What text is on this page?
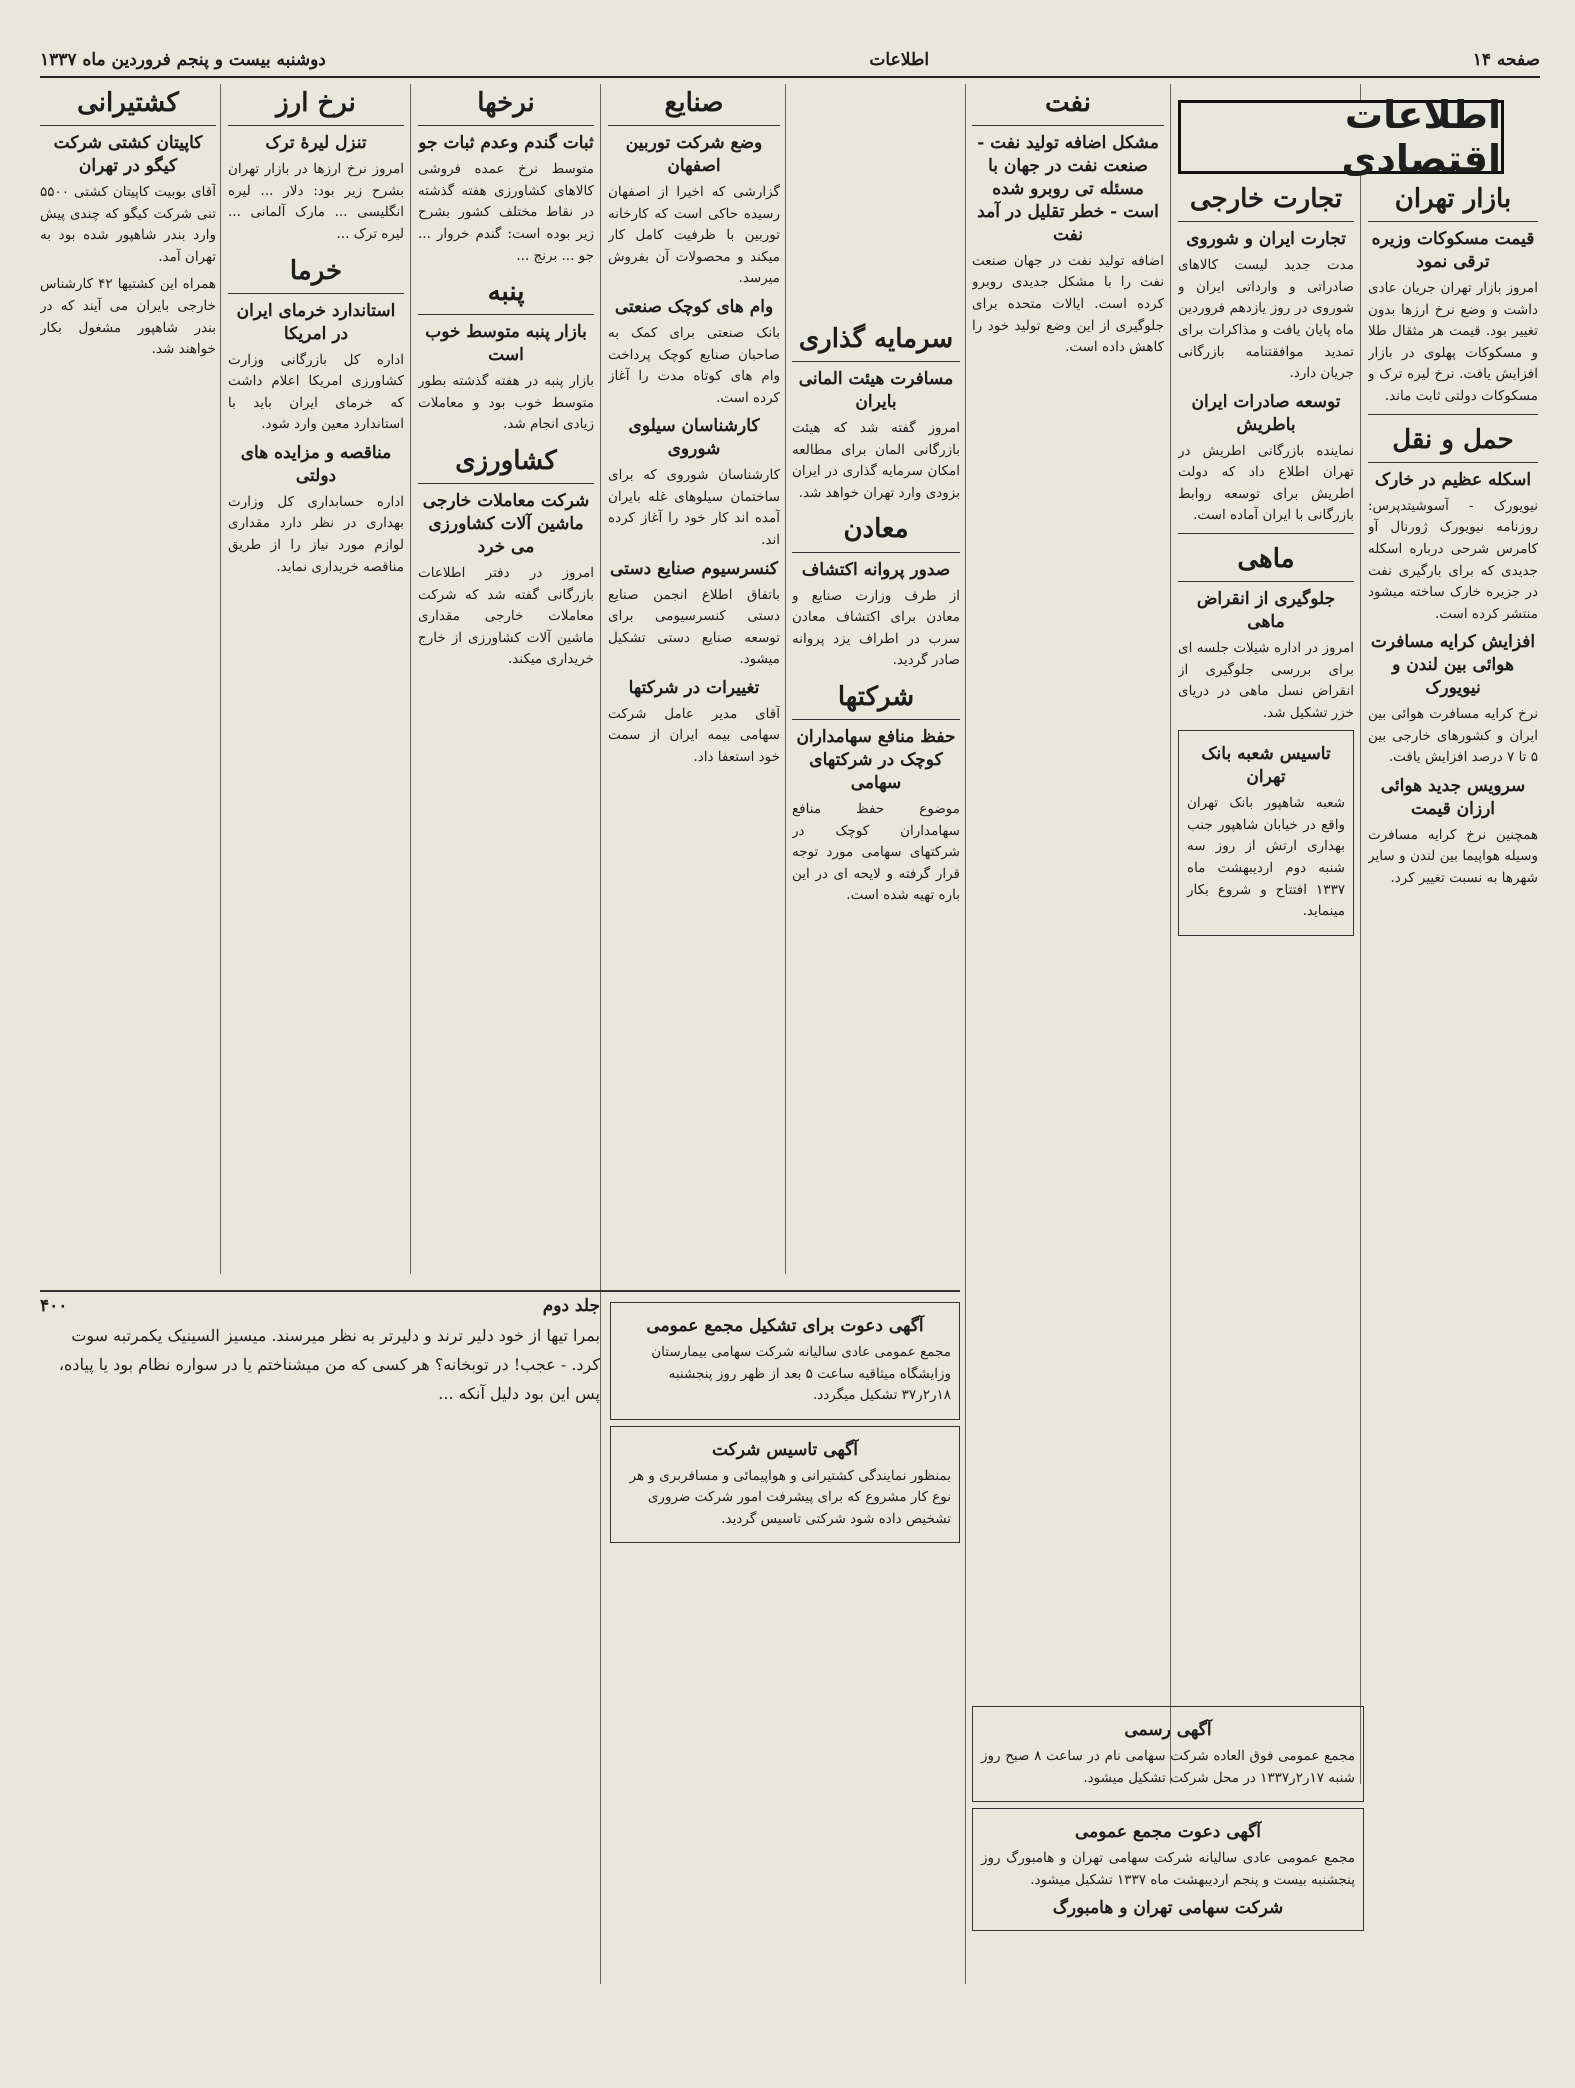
صفحه ۱۴
اطلاعات
دوشنبه بیست و پنجم فروردین ماه ۱۳۳۷
اطلاعات اقتصادی
بازار تهران
قیمت مسکوکات وزیره ترقی نمود

امروز بازار تهران جریان عادی داشت و وضع نرخ ارزها بدون تغییر بود. قیمت هر مثقال طلا و مسکوکات پهلوی در بازار افزایش یافت. نرخ لیره ترک و مسکوکات دولتی ثابت ماند.

حمل و نقل
اسکله عظیم در خارک

نیویورک - آسوشیتدپرس: روزنامه نیویورک ژورنال آو کامرس شرحی درباره اسکله جدیدی که برای بارگیری نفت در جزیره خارک ساخته میشود منتشر کرده است.

افزایش کرایه مسافرت هوائی بین لندن و نیویورک

نرخ کرایه مسافرت هوائی بین ایران و کشورهای خارجی بین ۵ تا ۷ درصد افزایش یافت.

سرویس جدید هوائی ارزان قیمت

همچنین نرخ کرایه مسافرت وسیله هواپیما بین لندن و سایر شهرها به نسبت تغییر کرد.

تجارت خارجی
تجارت ایران و شوروی

مدت جدید لیست کالاهای صادراتی و وارداتی ایران و شوروی در روز یازدهم فروردین ماه پایان یافت و مذاکرات برای تمدید موافقتنامه بازرگانی جریان دارد.

توسعه صادرات ایران باطریش

نماینده بازرگانی اطریش در تهران اطلاع داد که دولت اطریش برای توسعه روابط بازرگانی با ایران آماده است.

ماهی
جلوگیری از انقراض ماهی

امروز در اداره شیلات جلسه ای برای بررسی جلوگیری از انقراض نسل ماهی در دریای خزر تشکیل شد.

تاسیس شعبه بانک تهران

شعبه شاهپور بانک تهران واقع در خیابان شاهپور جنب بهداری ارتش از روز سه شنبه دوم اردیبهشت ماه ۱۳۳۷ افتتاح و شروع بکار مینماید.

نفت
مشکل اضافه تولید نفت - صنعت نفت در جهان با مسئله تی روبرو شده است - خطر تقلیل در آمد نفت

اضافه تولید نفت در جهان صنعت نفت را با مشکل جدیدی روبرو کرده است. ایالات متحده برای جلوگیری از این وضع تولید خود را کاهش داده است.

سرمایه گذاری
مسافرت هیئت المانی بایران

امروز گفته شد که هیئت بازرگانی المان برای مطالعه امکان سرمایه گذاری در ایران بزودی وارد تهران خواهد شد.

معادن
صدور پروانه اکتشاف

از طرف وزارت صنایع و معادن برای اکتشاف معادن سرب در اطراف یزد پروانه صادر گردید.

شرکتها
حفظ منافع سهامداران کوچک در شرکتهای سهامی

موضوع حفظ منافع سهامداران کوچک در شرکتهای سهامی مورد توجه قرار گرفته و لایحه ای در این باره تهیه شده است.

صنایع
وضع شرکت توربین اصفهان

گزارشی که اخیرا از اصفهان رسیده حاکی است که کارخانه توربین با ظرفیت کامل کار میکند و محصولات آن بفروش میرسد.

وام های کوچک صنعتی

بانک صنعتی برای کمک به صاحبان صنایع کوچک پرداخت وام های کوتاه مدت را آغاز کرده است.

کارشناسان سیلوی شوروی

کارشناسان شوروی که برای ساختمان سیلوهای غله بایران آمده اند کار خود را آغاز کرده اند.

کنسرسیوم صنایع دستی

باتفاق اطلاع انجمن صنایع دستی کنسرسیومی برای توسعه صنایع دستی تشکیل میشود.

تغییرات در شرکتها

آقای مدیر عامل شرکت سهامی بیمه ایران از سمت خود استعفا داد.

نرخها
ثبات گندم وعدم ثبات جو

متوسط نرخ عمده فروشی کالاهای کشاورزی هفته گذشته در نقاط مختلف کشور بشرح زیر بوده است: گندم خروار ... جو ... برنج ...

پنبه
بازار پنبه متوسط خوب است

بازار پنبه در هفته گذشته بطور متوسط خوب بود و معاملات زیادی انجام شد.

کشاورزی
شرکت معاملات خارجی ماشین آلات کشاورزی می خرد

امروز در دفتر اطلاعات بازرگانی گفته شد که شرکت معاملات خارجی مقداری ماشین آلات کشاورزی از خارج خریداری میکند.

نرخ ارز
تنزل لیرهٔ ترک

امروز نرخ ارزها در بازار تهران بشرح زیر بود: دلار ... لیره انگلیسی ... مارک آلمانی ... لیره ترک ...

خرما
استاندارد خرمای ایران در امریکا

اداره کل بازرگانی وزارت کشاورزی امریکا اعلام داشت که خرمای ایران باید با استاندارد معین وارد شود.

مناقصه و مزایده های دولتی

اداره حسابداری کل وزارت بهداری در نظر دارد مقداری لوازم مورد نیاز را از طریق مناقصه خریداری نماید.

کشتیرانی
کاپیتان کشتی شرکت کیگو در تهران

آقای بوبیت کاپیتان کشتی ۵۵۰۰ تنی شرکت کیگو که چندی پیش وارد بندر شاهپور شده بود به تهران آمد.

همراه این کشتیها ۴۲ کارشناس خارجی بایران می آیند که در بندر شاهپور مشغول بکار خواهند شد.

جلد دوم
۴۰۰

بمرا تیها از خود دلیر ترند و دلیرتر به نظر میرسند. میسیز السینیک یکمرتبه سوت کرد. - عجب! در توبخانه؟ هر کسی که من میشناختم یا در سواره نظام بود یا پیاده، پس این بود دلیل آنکه ...

آگهی دعوت برای تشکیل مجمع عمومی

مجمع عمومی عادی سالیانه شرکت سهامی بیمارستان وزایشگاه میثاقیه ساعت ۵ بعد از ظهر روز پنجشنبه ۱۸ر۲ر۳۷ تشکیل میگردد.

آگهی تاسیس شرکت

بمنظور نمایندگی کشتیرانی و هواپیمائی و مسافربری و هر نوع کار مشروع که برای پیشرفت امور شرکت ضروری تشخیص داده شود شرکتی تاسیس گردید.

آگهی رسمی

مجمع عمومی فوق العاده شرکت سهامی نام در ساعت ۸ صبح روز شنبه ۱۷ر۲ر۱۳۳۷ در محل شرکت تشکیل میشود.

آگهی دعوت مجمع عمومی

مجمع عمومی عادی سالیانه شرکت سهامی تهران و هامبورگ روز پنجشنبه بیست و پنجم اردیبهشت ماه ۱۳۳۷ تشکیل میشود.

شرکت سهامی تهران و هامبورگ
